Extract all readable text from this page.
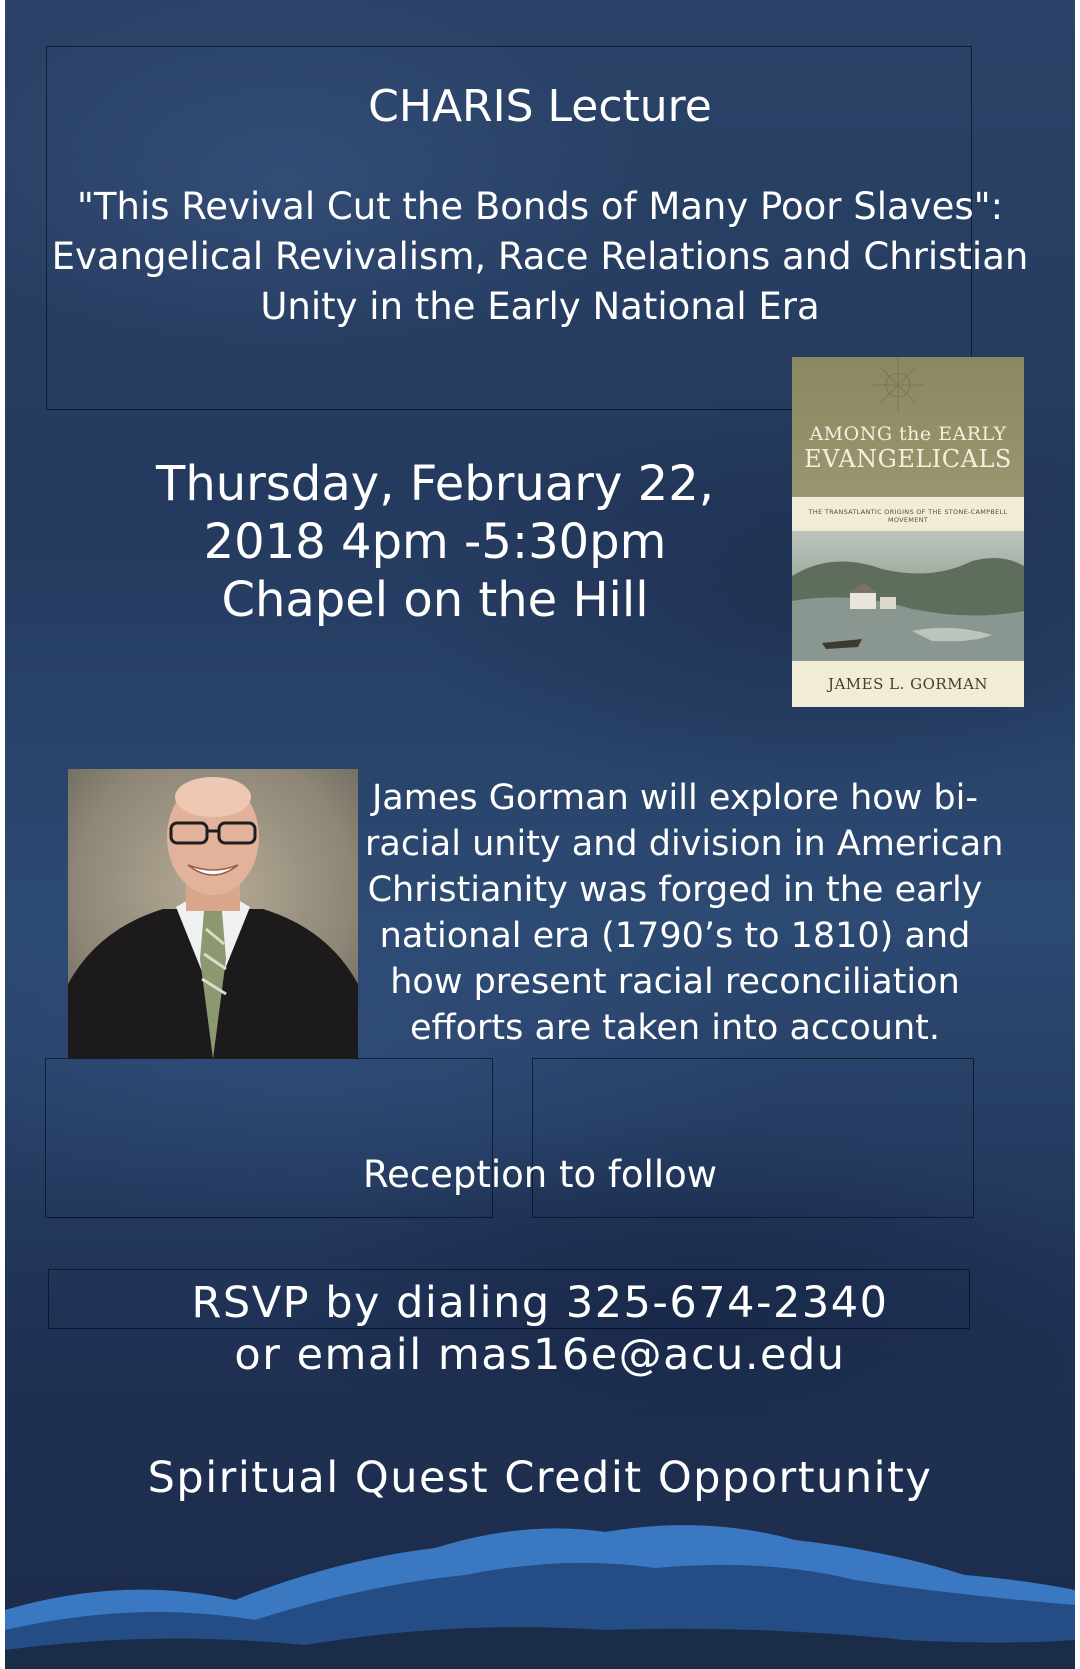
CHARIS Lecture

"This Revival Cut the Bonds of Many Poor Slaves":
Evangelical Revivalism, Race Relations and Christian
Unity in the Early National Era

Thursday, February 22,
2018 4pm -5:30pm
Chapel on the Hill

AMONG the EARLY
EVANGELICALS
THE TRANSATLANTIC ORIGINS OF THE STONE-CAMPBELL MOVEMENT
JAMES L. GORMAN

James Gorman will explore how bi-
racial unity and division in American
Christianity was forged in the early
national era (1790’s to 1810) and
how present racial reconciliation
efforts are taken into account.

Reception to follow

RSVP by dialing 325-674-2340
or email mas16e@acu.edu

Spiritual Quest Credit Opportunity
